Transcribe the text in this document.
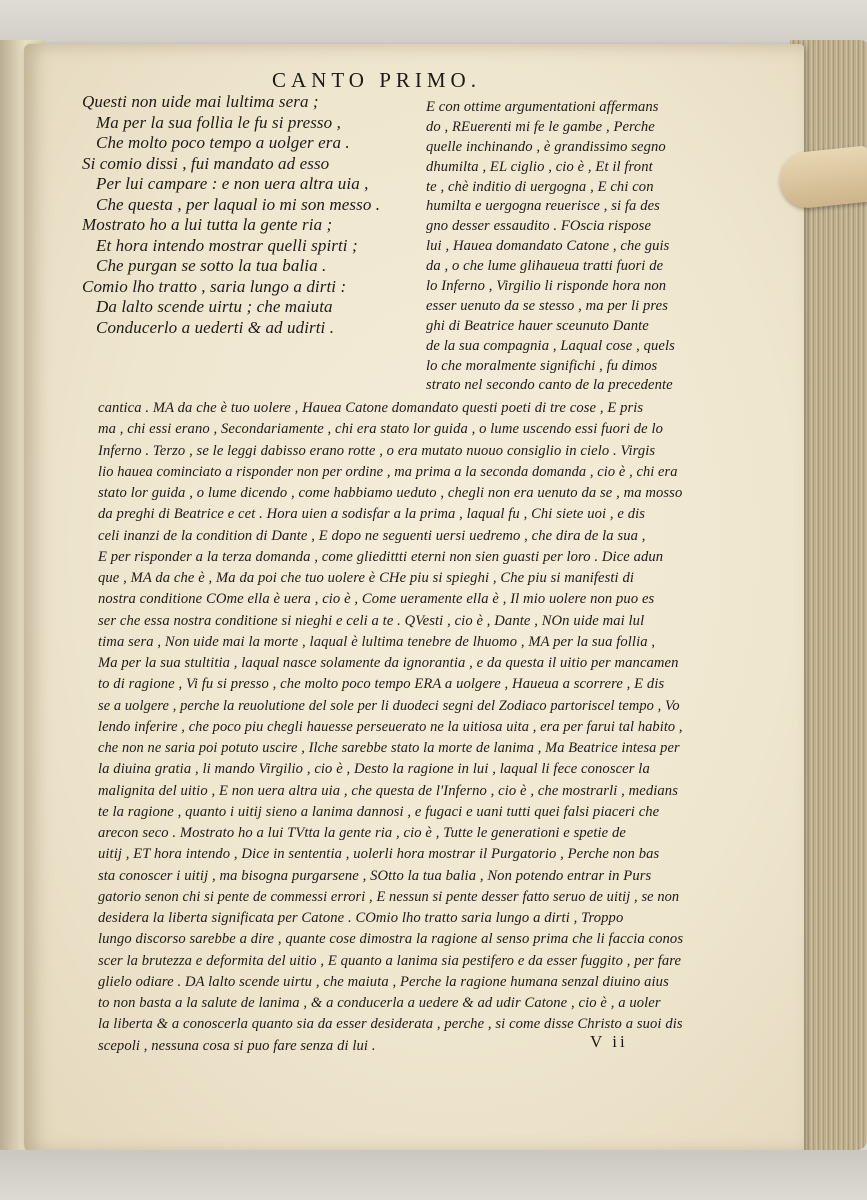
CANTO PRIMO.
Questi non uide mai lultima sera ;
Ma per la sua follia le fu si presso ,
Che molto poco tempo a uolger era .
Si comio dissi , fui mandato ad esso
Per lui campare : e non uera altra uia ,
Che questa , per laqual io mi son messo .
Mostrato ho a lui tutta la gente ria ;
Et hora intendo mostrar quelli spirti ;
Che purgan se sotto la tua balia .
Comio lho tratto , saria lungo a dirti :
Da lalto scende uirtu ; che maiuta
Conducerlo a uederti & ad udirti .
E con ottime argumentationi affermans
do , REuerenti mi fe le gambe , Perche
quelle inchinando , è grandissimo segno
dhumilta , EL ciglio , cio è , Et il front
te , chè inditio di uergogna , E chi con
humilta e uergogna reuerisce , si fa des
gno desser essaudito . FOscia rispose
lui , Hauea domandato Catone , che guis
da , o che lume glihaueua tratti fuori de
lo Inferno , Virgilio li risponde hora non
esser uenuto da se stesso , ma per li pres
ghi di Beatrice hauer sceunuto Dante
de la sua compagnia , Laqual cose , quels
lo che moralmente significhi , fu dimos
strato nel secondo canto de la precedente
cantica . MA da che è tuo uolere , Hauea Catone domandato questi poeti di tre cose , E pris
ma , chi essi erano , Secondariamente , chi era stato lor guida , o lume uscendo essi fuori de lo
Inferno . Terzo , se le leggi dabisso erano rotte , o era mutato nuouo consiglio in cielo . Virgis
lio hauea cominciato a risponder non per ordine , ma prima a la seconda domanda , cio è , chi era
stato lor guida , o lume dicendo , come habbiamo ueduto , chegli non era uenuto da se , ma mosso
da preghi di Beatrice e cet . Hora uien a sodisfar a la prima , laqual fu , Chi siete uoi , e dis
celi inanzi de la condition di Dante , E dopo ne seguenti uersi uedremo , che dira de la sua ,
E per risponder a la terza domanda , come gliedittti eterni non sien guasti per loro . Dice adun
que , MA da che è , Ma da poi che tuo uolere è CHe piu si spieghi , Che piu si manifesti di
nostra conditione COme ella è uera , cio è , Come ueramente ella è , Il mio uolere non puo es
ser che essa nostra conditione si nieghi e celi a te . QVesti , cio è , Dante , NOn uide mai lul
tima sera , Non uide mai la morte , laqual è lultima tenebre de lhuomo , MA per la sua follia ,
Ma per la sua stultitia , laqual nasce solamente da ignorantia , e da questa il uitio per mancamen
to di ragione , Vi fu si presso , che molto poco tempo ERA a uolgere , Haueua a scorrere , E dis
se a uolgere , perche la reuolutione del sole per li duodeci segni del Zodiaco partoriscel tempo , Vo
lendo inferire , che poco piu chegli hauesse perseuerato ne la uitiosa uita , era per farui tal habito ,
che non ne saria poi potuto uscire , Ilche sarebbe stato la morte de lanima , Ma Beatrice intesa per
la diuina gratia , li mando Virgilio , cio è , Desto la ragione in lui , laqual li fece conoscer la
malignita del uitio , E non uera altra uia , che questa de l'Inferno , cio è , che mostrarli , medians
te la ragione , quanto i uitij sieno a lanima dannosi , e fugaci e uani tutti quei falsi piaceri che
arecon seco . Mostrato ho a lui TVtta la gente ria , cio è , Tutte le generationi e spetie de
uitij , ET hora intendo , Dice in sententia , uolerli hora mostrar il Purgatorio , Perche non bas
sta conoscer i uitij , ma bisogna purgarsene , SOtto la tua balia , Non potendo entrar in Purs
gatorio senon chi si pente de commessi errori , E nessun si pente desser fatto seruo de uitij , se non
desidera la liberta significata per Catone . COmio lho tratto saria lungo a dirti , Troppo
lungo discorso sarebbe a dire , quante cose dimostra la ragione al senso prima che li faccia conos
scer la brutezza e deformita del uitio , E quanto a lanima sia pestifero e da esser fuggito , per fare
glielo odiare . DA lalto scende uirtu , che maiuta , Perche la ragione humana senzal diuino aius
to non basta a la salute de lanima , & a conducerla a uedere & ad udir Catone , cio è , a uoler
la liberta & a conoscerla quanto sia da esser desiderata , perche , si come disse Christo a suoi dis
scepoli , nessuna cosa si puo fare senza di lui .	V ii
